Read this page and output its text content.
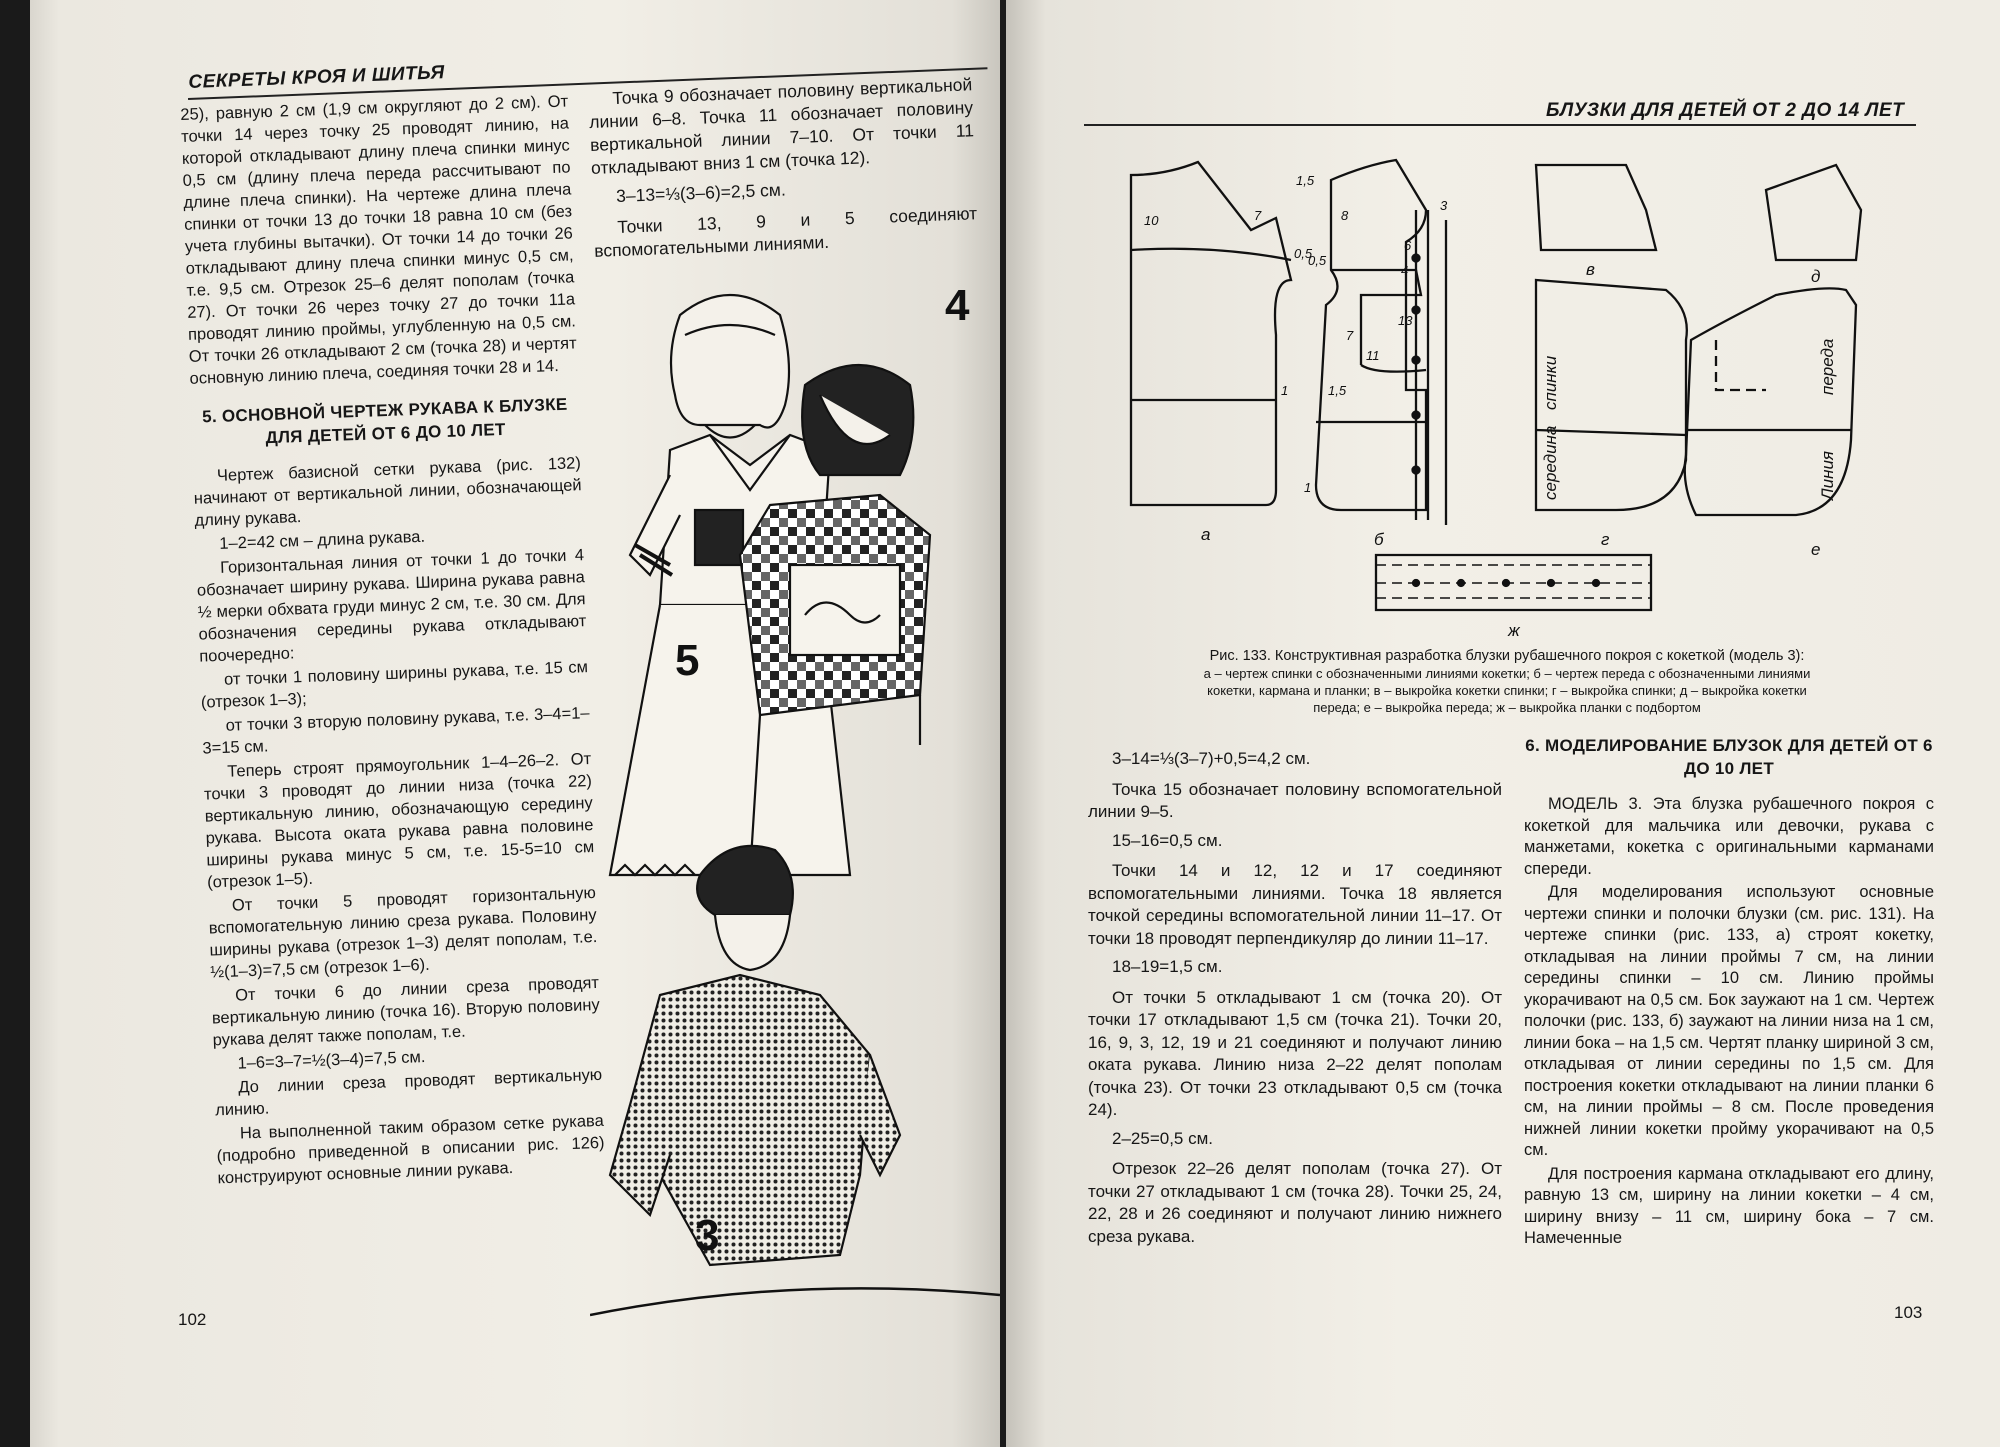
СЕКРЕТЫ КРОЯ И ШИТЬЯ

25), равную 2 см (1,9 см округляют до 2 см). От точки 14 через точку 25 проводят линию, на которой откладывают длину плеча спинки минус 0,5 см (длину плеча переда рассчитывают по длине плеча спинки). На чертеже длина плеча спинки от точки 13 до точки 18 равна 10 см (без учета глубины вытачки). От точки 14 до точки 26 откладывают длину плеча спинки минус 0,5 см, т.е. 9,5 см. Отрезок 25–6 делят пополам (точка 27). От точки 26 через точку 27 до точки 11а проводят линию проймы, углубленную на 0,5 см. От точки 26 откладывают 2 см (точка 28) и чертят основную линию плеча, соединяя точки 28 и 14.

5. ОСНОВНОЙ ЧЕРТЕЖ РУКАВА К БЛУЗКЕ ДЛЯ ДЕТЕЙ ОТ 6 ДО 10 ЛЕТ

Чертеж базисной сетки рукава (рис. 132) начинают от вертикальной линии, обозначающей длину рукава.

1–2=42 см – длина рукава.

Горизонтальная линия от точки 1 до точки 4 обозначает ширину рукава. Ширина рукава равна ½ мерки обхвата груди минус 2 см, т.е. 30 см. Для обозначения середины рукава откладывают поочередно:

от точки 1 половину ширины рукава, т.е. 15 см (отрезок 1–3);

от точки 3 вторую половину рукава, т.е. 3–4=1–3=15 см.

Теперь строят прямоугольник 1–4–26–2. От точки 3 проводят до линии низа (точка 22) вертикальную линию, обозначающую середину рукава. Высота оката рукава равна половине ширины рукава минус 5 см, т.е. 15-5=10 см (отрезок 1–5).

От точки 5 проводят горизонтальную вспомогательную линию среза рукава. Половину ширины рукава (отрезок 1–3) делят пополам, т.е. ½(1–3)=7,5 см (отрезок 1–6).

От точки 6 до линии среза проводят вертикальную линию (точка 16). Вторую половину рукава делят также пополам, т.е.

1–6=3–7=½(3–4)=7,5 см.

До линии среза проводят вертикальную линию.

На выполненной таким образом сетке рукава (подробно приведенной в описании рис. 126) конструируют основные линии рукава.

Точка 9 обозначает половину вертикальной линии 6–8. Точка 11 обозначает половину вертикальной линии 7–10. От точки 11 откладывают вниз 1 см (точка 12).

3–13=⅓(3–6)=2,5 см.

Точки 13, 9 и 5 соединяют вспомогательными линиями.

5
4
3
102
БЛУЗКИ ДЛЯ ДЕТЕЙ ОТ 2 ДО 14 ЛЕТ
10	7
1,5
0,5
1
8
3
6
0,5
4
13
7
11
1,5
1	середина
спинки	переда
Линия
а	б
в
г
д
е
ж
Рис. 133. Конструктивная разработка блузки рубашечного покроя с кокеткой (модель 3):
а – чертеж спинки с обозначенными линиями кокетки; б – чертеж переда с обозначенными линиями
кокетки, кармана и планки; в – выкройка кокетки спинки; г – выкройка спинки; д – выкройка кокетки
переда; е – выкройка переда; ж – выкройка планки с подбортом

3–14=⅓(3–7)+0,5=4,2 см.

Точка 15 обозначает половину вспомогательной линии 9–5.

15–16=0,5 см.

Точки 14 и 12, 12 и 17 соединяют вспомогательными линиями. Точка 18 является точкой середины вспомогательной линии 11–17. От точки 18 проводят перпендикуляр до линии 11–17.

18–19=1,5 см.

От точки 5 откладывают 1 см (точка 20). От точки 17 откладывают 1,5 см (точка 21). Точки 20, 16, 9, 3, 12, 19 и 21 соединяют и получают линию оката рукава. Линию низа 2–22 делят пополам (точка 23). От точки 23 откладывают 0,5 см (точка 24).

2–25=0,5 см.

Отрезок 22–26 делят пополам (точка 27). От точки 27 откладывают 1 см (точка 28). Точки 25, 24, 22, 28 и 26 соединяют и получают линию нижнего среза рукава.

6. МОДЕЛИРОВАНИЕ БЛУЗОК ДЛЯ ДЕТЕЙ ОТ 6 ДО 10 ЛЕТ

МОДЕЛЬ 3. Эта блузка рубашечного покроя с кокеткой для мальчика или девочки, рукава с манжетами, кокетка с оригинальными карманами спереди.

Для моделирования используют основные чертежи спинки и полочки блузки (см. рис. 131). На чертеже спинки (рис. 133, а) строят кокетку, откладывая на линии проймы 7 см, на линии середины спинки – 10 см. Линию проймы укорачивают на 0,5 см. Бок заужают на 1 см. Чертеж полочки (рис. 133, б) заужают на линии низа на 1 см, линии бока – на 1,5 см. Чертят планку шириной 3 см, откладывая от линии середины по 1,5 см. Для построения кокетки откладывают на линии планки 6 см, на линии проймы – 8 см. После проведения нижней линии кокетки пройму укорачивают на 0,5 см.

Для построения кармана откладывают его длину, равную 13 см, ширину на линии кокетки – 4 см, ширину внизу – 11 см, ширину бока – 7 см. Намеченные

103
